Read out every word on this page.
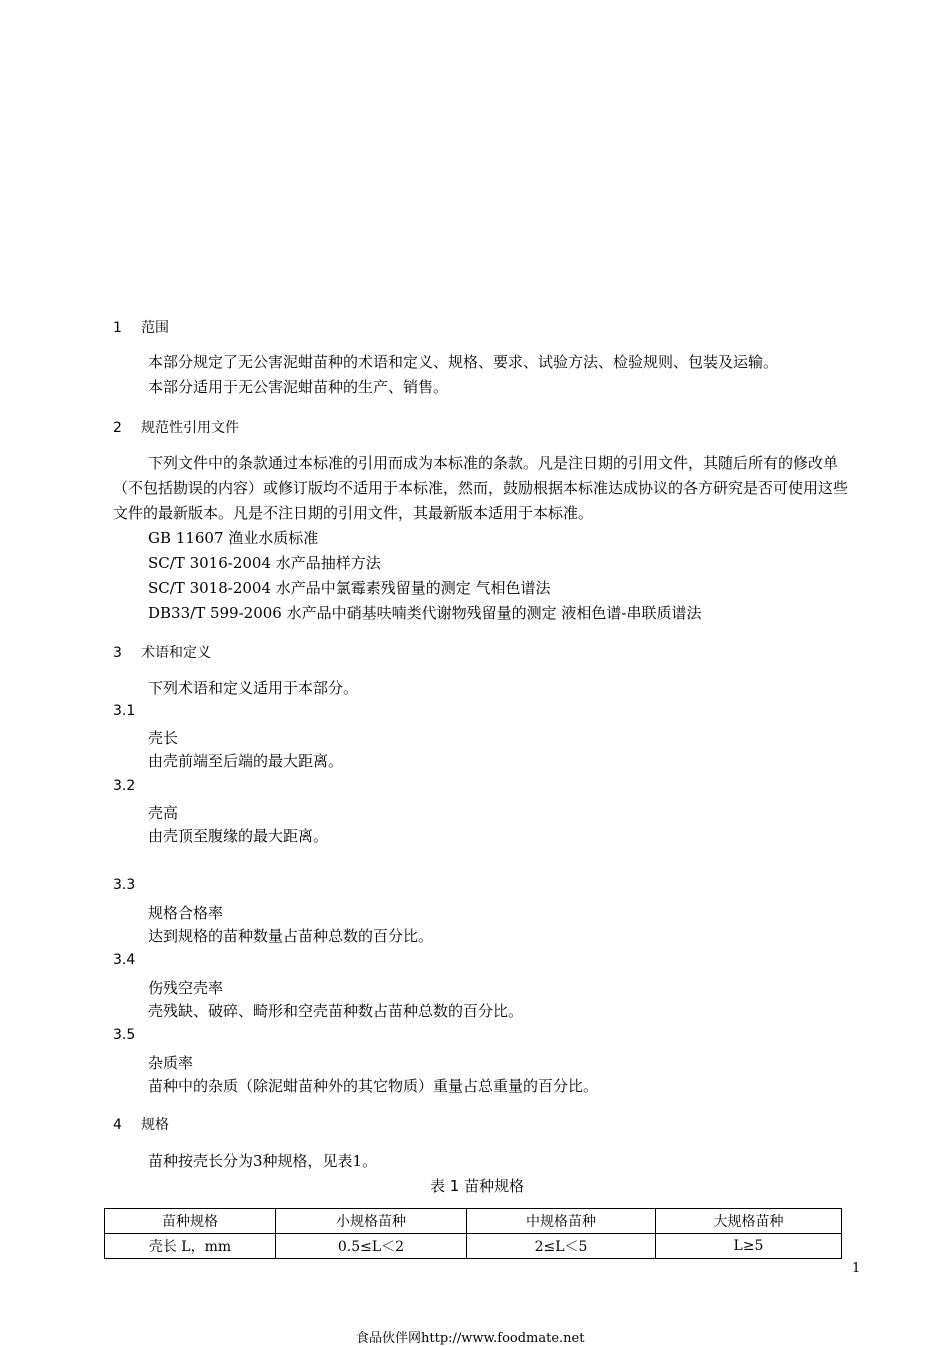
1 范围
本部分规定了无公害泥蚶苗种的术语和定义、规格、要求、试验方法、检验规则、包装及运输。
本部分适用于无公害泥蚶苗种的生产、销售。
2 规范性引用文件
下列文件中的条款通过本标准的引用而成为本标准的条款。凡是注日期的引用文件，其随后所有的修改单（不包括勘误的内容）或修订版均不适用于本标准，然而，鼓励根据本标准达成协议的各方研究是否可使用这些文件的最新版本。凡是不注日期的引用文件，其最新版本适用于本标准。
GB 11607 渔业水质标准
SC/T 3016-2004 水产品抽样方法
SC/T 3018-2004 水产品中氯霉素残留量的测定 气相色谱法
DB33/T 599-2006 水产品中硝基呋喃类代谢物残留量的测定 液相色谱-串联质谱法
3 术语和定义
下列术语和定义适用于本部分。
3.1
壳长
由壳前端至后端的最大距离。
3.2
壳高
由壳顶至腹缘的最大距离。
3.3
规格合格率
达到规格的苗种数量占苗种总数的百分比。
3.4
伤残空壳率
壳残缺、破碎、畸形和空壳苗种数占苗种总数的百分比。
3.5
杂质率
苗种中的杂质（除泥蚶苗种外的其它物质）重量占总重量的百分比。
4 规格
苗种按壳长分为3种规格，见表1。
表 1 苗种规格
苗种规格	小规格苗种	中规格苗种	大规格苗种
壳长 L，mm	0.5≤L＜2	2≤L＜5	L≥5
1
食品伙伴网http://www.foodmate.net
